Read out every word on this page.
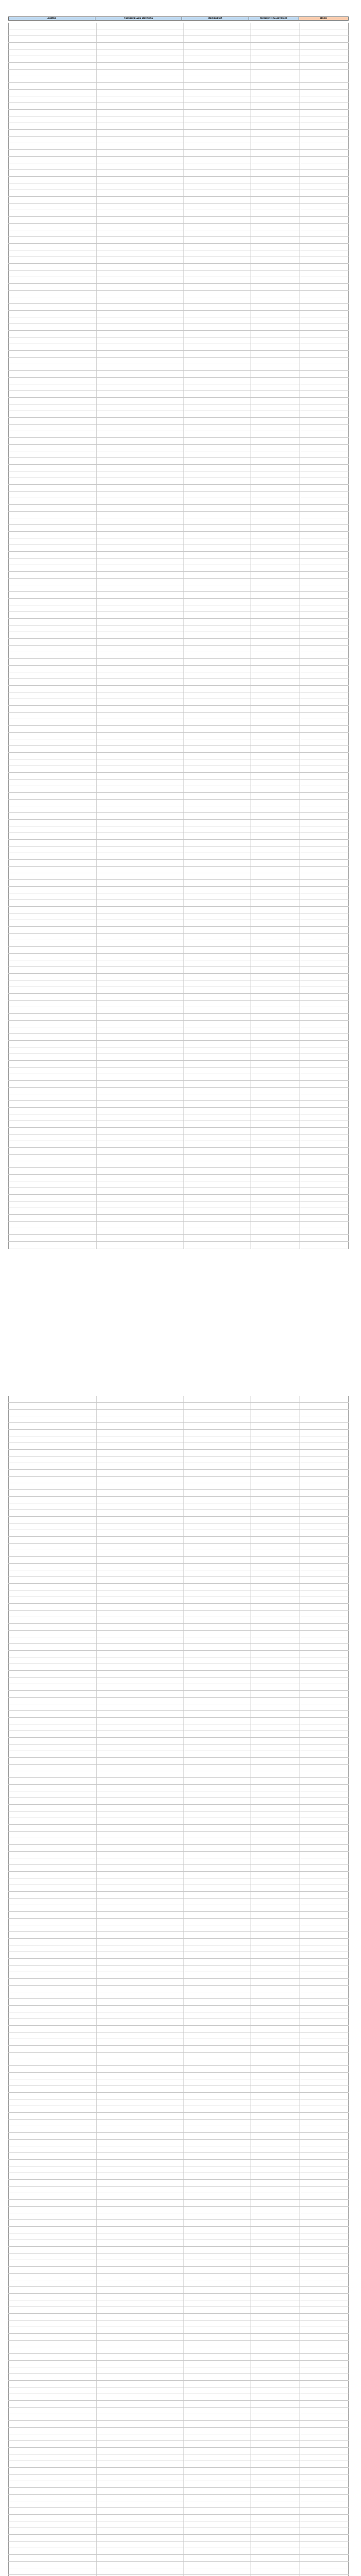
ΔΗΜΟΣ	ΠΕΡΙΦΕΡΕΙΑΚΗ ΕΝΟΤΗΤΑ	ΠΕΡΙΦΕΡΕΙΑ	ΜΟΝΙΜΟΣ ΠΛΗΘΥΣΜΟΣ	ΠΟΣΟ
